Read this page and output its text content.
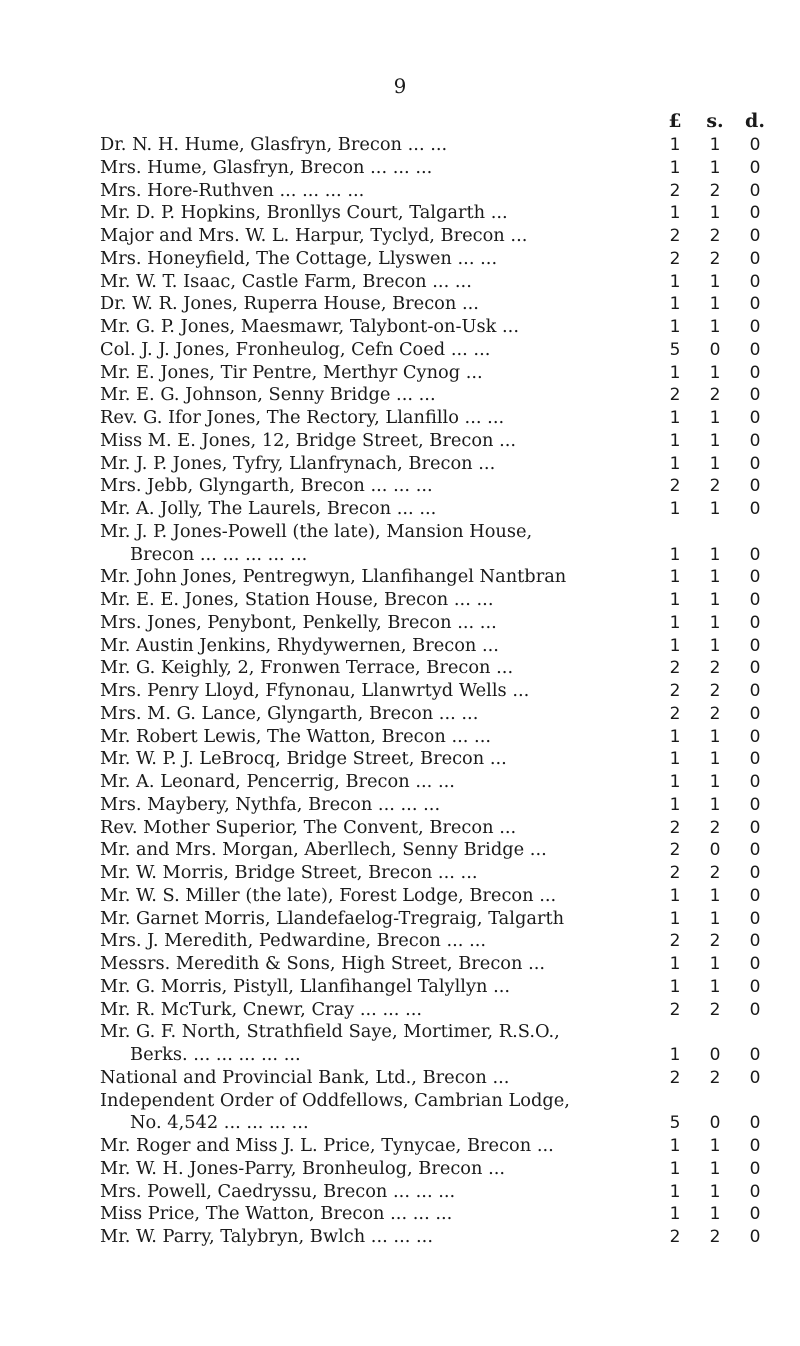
9
£	s.	d.
Dr. N. H. Hume, Glasfryn, Brecon ... ...	1	1	0
Mrs. Hume, Glasfryn, Brecon ... ... ...	1	1	0
Mrs. Hore-Ruthven ... ... ... ...	2	2	0
Mr. D. P. Hopkins, Bronllys Court, Talgarth ...	1	1	0
Major and Mrs. W. L. Harpur, Tyclyd, Brecon ...	2	2	0
Mrs. Honeyfield, The Cottage, Llyswen ... ...	2	2	0
Mr. W. T. Isaac, Castle Farm, Brecon ... ...	1	1	0
Dr. W. R. Jones, Ruperra House, Brecon ...	1	1	0
Mr. G. P. Jones, Maesmawr, Talybont-on-Usk ...	1	1	0
Col. J. J. Jones, Fronheulog, Cefn Coed ... ...	5	0	0
Mr. E. Jones, Tir Pentre, Merthyr Cynog ...	1	1	0
Mr. E. G. Johnson, Senny Bridge ... ...	2	2	0
Rev. G. Ifor Jones, The Rectory, Llanfillo ... ...	1	1	0
Miss M. E. Jones, 12, Bridge Street, Brecon ...	1	1	0
Mr. J. P. Jones, Tyfry, Llanfrynach, Brecon ...	1	1	0
Mrs. Jebb, Glyngarth, Brecon ... ... ...	2	2	0
Mr. A. Jolly, The Laurels, Brecon ... ...	1	1	0
Mr. J. P. Jones-Powell (the late), Mansion House,
Brecon ... ... ... ... ...	1	1	0
Mr. John Jones, Pentregwyn, Llanfihangel Nantbran	1	1	0
Mr. E. E. Jones, Station House, Brecon ... ...	1	1	0
Mrs. Jones, Penybont, Penkelly, Brecon ... ...	1	1	0
Mr. Austin Jenkins, Rhydywernen, Brecon ...	1	1	0
Mr. G. Keighly, 2, Fronwen Terrace, Brecon ...	2	2	0
Mrs. Penry Lloyd, Ffynonau, Llanwrtyd Wells ...	2	2	0
Mrs. M. G. Lance, Glyngarth, Brecon ... ...	2	2	0
Mr. Robert Lewis, The Watton, Brecon ... ...	1	1	0
Mr. W. P. J. LeBrocq, Bridge Street, Brecon ...	1	1	0
Mr. A. Leonard, Pencerrig, Brecon ... ...	1	1	0
Mrs. Maybery, Nythfa, Brecon ... ... ...	1	1	0
Rev. Mother Superior, The Convent, Brecon ...	2	2	0
Mr. and Mrs. Morgan, Aberllech, Senny Bridge ...	2	0	0
Mr. W. Morris, Bridge Street, Brecon ... ...	2	2	0
Mr. W. S. Miller (the late), Forest Lodge, Brecon ...	1	1	0
Mr. Garnet Morris, Llandefaelog-Tregraig, Talgarth	1	1	0
Mrs. J. Meredith, Pedwardine, Brecon ... ...	2	2	0
Messrs. Meredith & Sons, High Street, Brecon ...	1	1	0
Mr. G. Morris, Pistyll, Llanfihangel Talyllyn ...	1	1	0
Mr. R. McTurk, Cnewr, Cray ... ... ...	2	2	0
Mr. G. F. North, Strathfield Saye, Mortimer, R.S.O.,
Berks. ... ... ... ... ...	1	0	0
National and Provincial Bank, Ltd., Brecon ...	2	2	0
Independent Order of Oddfellows, Cambrian Lodge,
No. 4,542 ... ... ... ...	5	0	0
Mr. Roger and Miss J. L. Price, Tynycae, Brecon ...	1	1	0
Mr. W. H. Jones-Parry, Bronheulog, Brecon ...	1	1	0
Mrs. Powell, Caedryssu, Brecon ... ... ...	1	1	0
Miss Price, The Watton, Brecon ... ... ...	1	1	0
Mr. W. Parry, Talybryn, Bwlch ... ... ...	2	2	0
